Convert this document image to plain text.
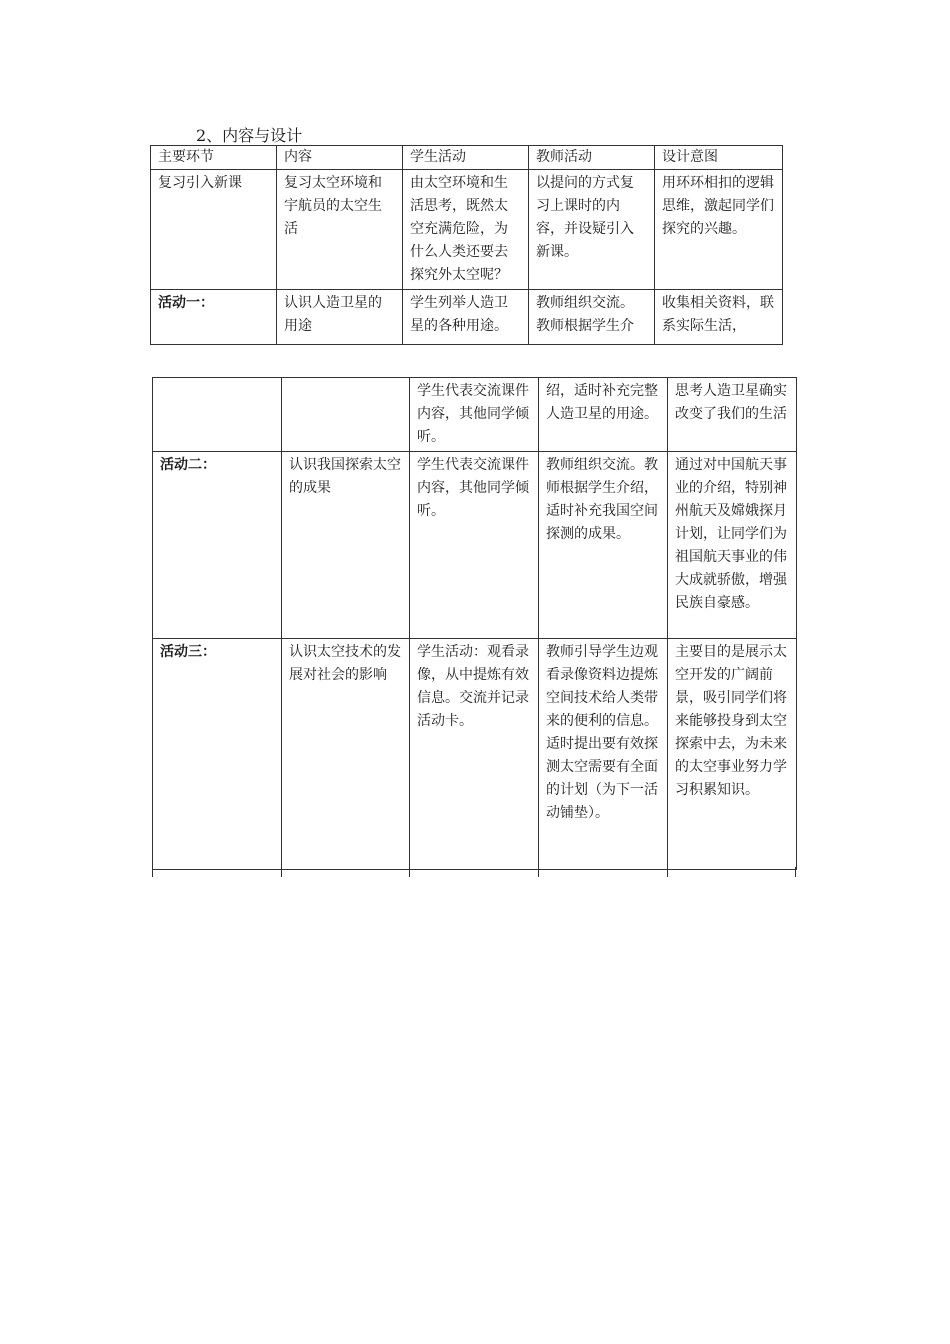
2、内容与设计
主要环节	内容	学生活动	教师活动	设计意图
复习引入新课	复习太空环境和宇航员的太空生活	由太空环境和生活思考，既然太空充满危险，为什么人类还要去探究外太空呢？	以提问的方式复习上课时的内容，并设疑引入新课。	用环环相扣的逻辑思维，激起同学们探究的兴趣。
活动一：	认识人造卫星的用途	学生列举人造卫星的各种用途。	教师组织交流。教师根据学生介	收集相关资料，联系实际生活，
		学生代表交流课件内容，其他同学倾听。	绍，适时补充完整人造卫星的用途。	思考人造卫星确实改变了我们的生活
活动二：	认识我国探索太空的成果	学生代表交流课件内容，其他同学倾听。	教师组织交流。教师根据学生介绍，适时补充我国空间探测的成果。	通过对中国航天事业的介绍，特别神州航天及嫦娥探月计划，让同学们为祖国航天事业的伟大成就骄傲，增强民族自豪感。
活动三：	认识太空技术的发展对社会的影响	学生活动：观看录像，从中提炼有效信息。交流并记录活动卡。	教师引导学生边观看录像资料边提炼空间技术给人类带来的便利的信息。适时提出要有效探测太空需要有全面的计划（为下一活动铺垫）。	主要目的是展示太空开发的广阔前景，吸引同学们将来能够投身到太空探索中去，为未来的太空事业努力学习积累知识。
